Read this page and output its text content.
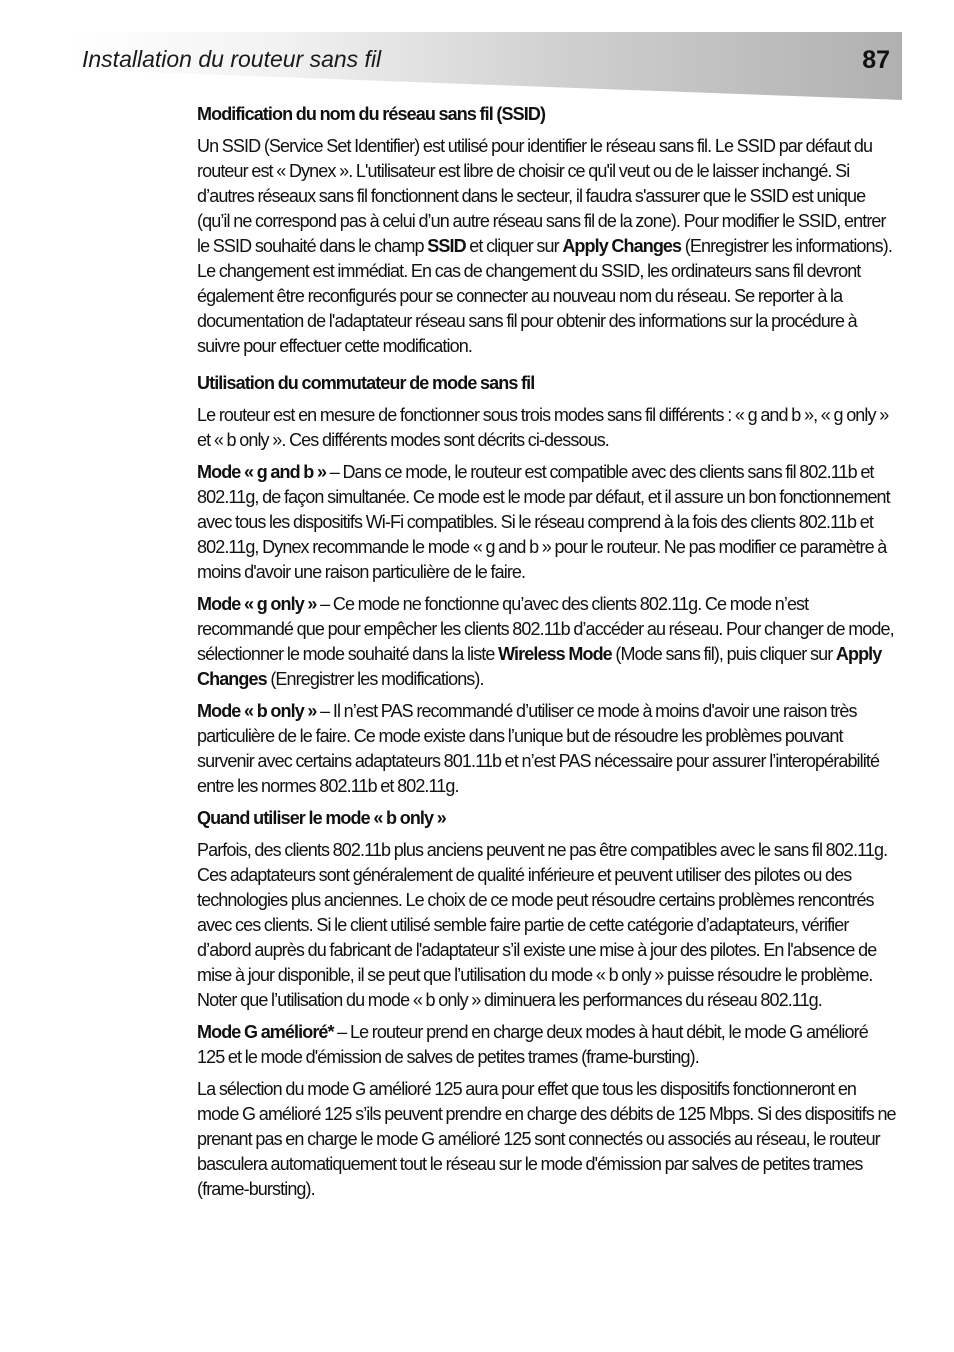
Installation du routeur sans fil	87

Modification du nom du réseau sans fil (SSID)

Un SSID (Service Set Identifier) est utilisé pour identifier le réseau sans fil. Le SSID par défaut du routeur est « Dynex ». L'utilisateur est libre de choisir ce qu'il veut ou de le laisser inchangé. Si d’autres réseaux sans fil fonctionnent dans le secteur, il faudra s'assurer que le SSID est unique (qu’il ne correspond pas à celui d’un autre réseau sans fil de la zone). Pour modifier le SSID, entrer le SSID souhaité dans le champ SSID et cliquer sur Apply Changes (Enregistrer les informations). Le changement est immédiat. En cas de changement du SSID, les ordinateurs sans fil devront également être reconfigurés pour se connecter au nouveau nom du réseau. Se reporter à la documentation de l'adaptateur réseau sans fil pour obtenir des informations sur la procédure à suivre pour effectuer cette modification.

Utilisation du commutateur de mode sans fil

Le routeur est en mesure de fonctionner sous trois modes sans fil différents : « g and b », « g only » et « b only ». Ces différents modes sont décrits ci-dessous.

Mode « g and b » – Dans ce mode, le routeur est compatible avec des clients sans fil 802.11b et 802.11g, de façon simultanée. Ce mode est le mode par défaut, et il assure un bon fonctionnement avec tous les dispositifs Wi-Fi compatibles. Si le réseau comprend à la fois des clients 802.11b et 802.11g, Dynex recommande le mode « g and b » pour le routeur. Ne pas modifier ce paramètre à moins d'avoir une raison particulière de le faire.

Mode « g only » – Ce mode ne fonctionne qu’avec des clients 802.11g. Ce mode n’est recommandé que pour empêcher les clients 802.11b d’accéder au réseau. Pour changer de mode, sélectionner le mode souhaité dans la liste Wireless Mode (Mode sans fil), puis cliquer sur Apply Changes (Enregistrer les modifications).

Mode « b only » – Il n’est PAS recommandé d’utiliser ce mode à moins d'avoir une raison très particulière de le faire. Ce mode existe dans l’unique but de résoudre les problèmes pouvant survenir avec certains adaptateurs 801.11b et n’est PAS nécessaire pour assurer l’interopérabilité entre les normes 802.11b et 802.11g.

Quand utiliser le mode « b only »

Parfois, des clients 802.11b plus anciens peuvent ne pas être compatibles avec le sans fil 802.11g. Ces adaptateurs sont généralement de qualité inférieure et peuvent utiliser des pilotes ou des technologies plus anciennes. Le choix de ce mode peut résoudre certains problèmes rencontrés avec ces clients. Si le client utilisé semble faire partie de cette catégorie d’adaptateurs, vérifier d’abord auprès du fabricant de l'adaptateur s’il existe une mise à jour des pilotes. En l'absence de mise à jour disponible, il se peut que l’utilisation du mode « b only » puisse résoudre le problème. Noter que l’utilisation du mode « b only » diminuera les performances du réseau 802.11g.

Mode G amélioré* – Le routeur prend en charge deux modes à haut débit, le mode G amélioré 125 et le mode d'émission de salves de petites trames (frame-bursting).

La sélection du mode G amélioré 125 aura pour effet que tous les dispositifs fonctionneront en mode G amélioré 125 s’ils peuvent prendre en charge des débits de 125 Mbps. Si des dispositifs ne prenant pas en charge le mode G amélioré 125 sont connectés ou associés au réseau, le routeur basculera automatiquement tout le réseau sur le mode d'émission par salves de petites trames (frame-bursting).
